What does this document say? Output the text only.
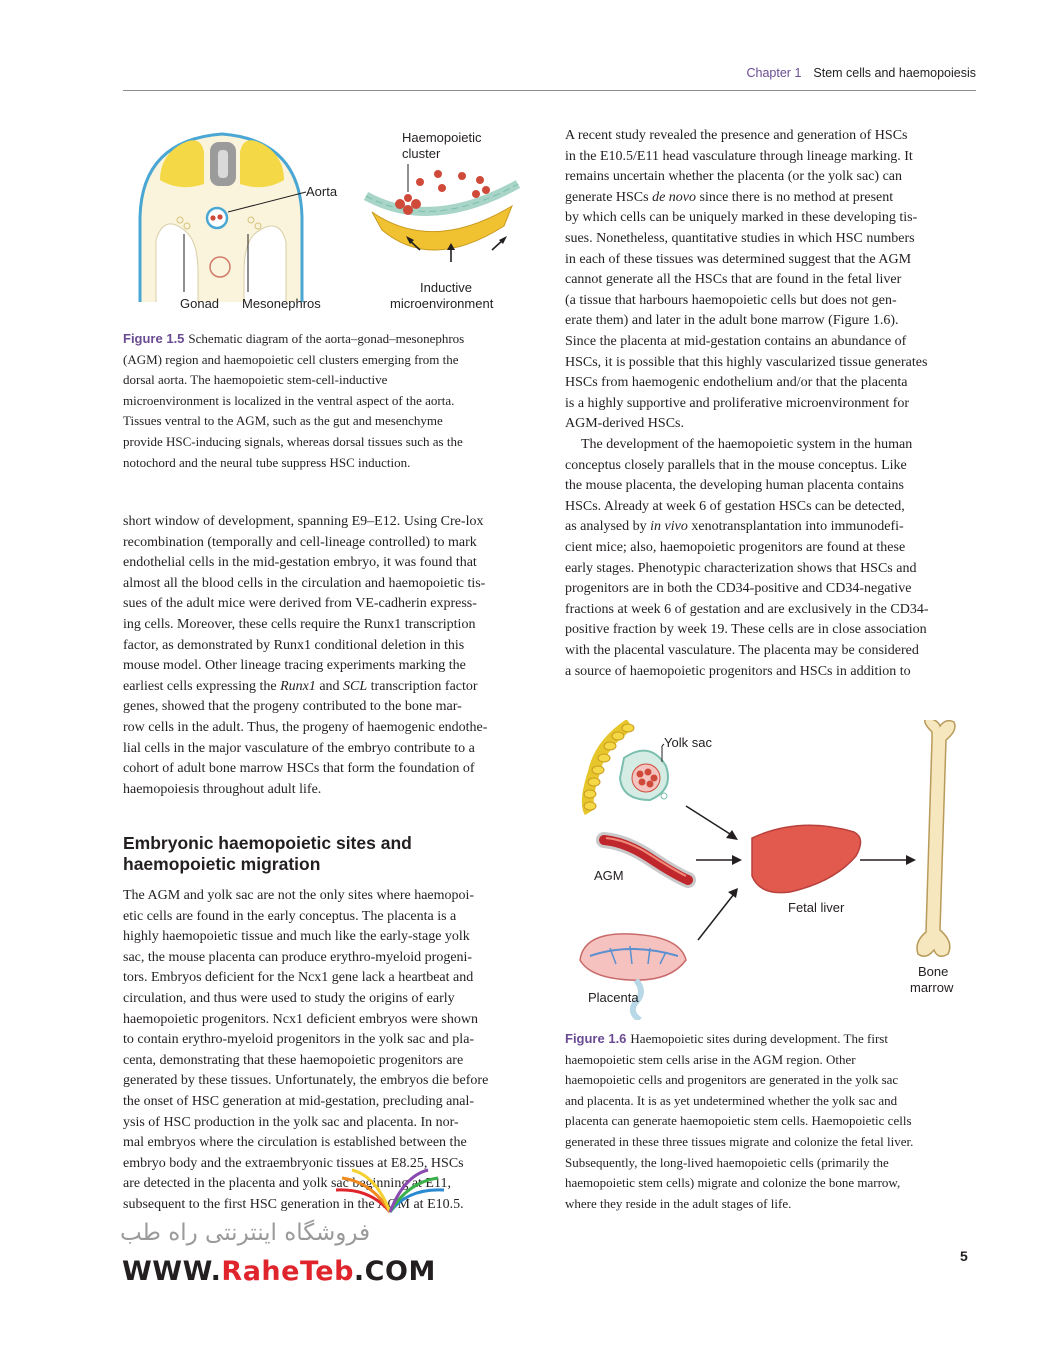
Chapter 1 Stem cells and haemopoiesis
Aorta
Gonad Mesonephros
Haemopoietic
cluster
Inductive
microenvironment
Figure 1.5 Schematic diagram of the aorta–gonad–mesonephros
(AGM) region and haemopoietic cell clusters emerging from the
dorsal aorta. The haemopoietic stem-cell-inductive
microenvironment is localized in the ventral aspect of the aorta.
Tissues ventral to the AGM, such as the gut and mesenchyme
provide HSC-inducing signals, whereas dorsal tissues such as the
notochord and the neural tube suppress HSC induction.
short window of development, spanning E9–E12. Using Cre-lox
recombination (temporally and cell-lineage controlled) to mark
endothelial cells in the mid-gestation embryo, it was found that
almost all the blood cells in the circulation and haemopoietic tis-
sues of the adult mice were derived from VE-cadherin express-
ing cells. Moreover, these cells require the Runx1 transcription
factor, as demonstrated by Runx1 conditional deletion in this
mouse model. Other lineage tracing experiments marking the
earliest cells expressing the Runx1 and SCL transcription factor
genes, showed that the progeny contributed to the bone mar-
row cells in the adult. Thus, the progeny of haemogenic endothe-
lial cells in the major vasculature of the embryo contribute to a
cohort of adult bone marrow HSCs that form the foundation of
haemopoiesis throughout adult life.
Embryonic haemopoietic sites and
haemopoietic migration
The AGM and yolk sac are not the only sites where haemopoi-
etic cells are found in the early conceptus. The placenta is a
highly haemopoietic tissue and much like the early-stage yolk
sac, the mouse placenta can produce erythro-myeloid progeni-
tors. Embryos deficient for the Ncx1 gene lack a heartbeat and
circulation, and thus were used to study the origins of early
haemopoietic progenitors. Ncx1 deficient embryos were shown
to contain erythro-myeloid progenitors in the yolk sac and pla-
centa, demonstrating that these haemopoietic progenitors are
generated by these tissues. Unfortunately, the embryos die before
the onset of HSC generation at mid-gestation, precluding anal-
ysis of HSC production in the yolk sac and placenta. In nor-
mal embryos where the circulation is established between the
embryo body and the extraembryonic tissues at E8.25, HSCs
are detected in the placenta and yolk sac beginning at E11,
subsequent to the first HSC generation in the AGM at E10.5.
A recent study revealed the presence and generation of HSCs
in the E10.5/E11 head vasculature through lineage marking. It
remains uncertain whether the placenta (or the yolk sac) can
generate HSCs de novo since there is no method at present
by which cells can be uniquely marked in these developing tis-
sues. Nonetheless, quantitative studies in which HSC numbers
in each of these tissues was determined suggest that the AGM
cannot generate all the HSCs that are found in the fetal liver
(a tissue that harbours haemopoietic cells but does not gen-
erate them) and later in the adult bone marrow (Figure 1.6).
Since the placenta at mid-gestation contains an abundance of
HSCs, it is possible that this highly vascularized tissue generates
HSCs from haemogenic endothelium and/or that the placenta
is a highly supportive and proliferative microenvironment for
AGM-derived HSCs.
The development of the haemopoietic system in the human
conceptus closely parallels that in the mouse conceptus. Like
the mouse placenta, the developing human placenta contains
HSCs. Already at week 6 of gestation HSCs can be detected,
as analysed by in vivo xenotransplantation into immunodefi-
cient mice; also, haemopoietic progenitors are found at these
early stages. Phenotypic characterization shows that HSCs and
progenitors are in both the CD34-positive and CD34-negative
fractions at week 6 of gestation and are exclusively in the CD34-
positive fraction by week 19. These cells are in close association
with the placental vasculature. The placenta may be considered
a source of haemopoietic progenitors and HSCs in addition to
Yolk sac
AGM
Placenta
Fetal liver
Bone
marrow
Figure 1.6 Haemopoietic sites during development. The first
haemopoietic stem cells arise in the AGM region. Other
haemopoietic cells and progenitors are generated in the yolk sac
and placenta. It is as yet undetermined whether the yolk sac and
placenta can generate haemopoietic stem cells. Haemopoietic cells
generated in these three tissues migrate and colonize the fetal liver.
Subsequently, the long-lived haemopoietic cells (primarily the
haemopoietic stem cells) migrate and colonize the bone marrow,
where they reside in the adult stages of life.
5
فروشگاه اینترنتی راه طب
WWW.RaheTeb.COM
